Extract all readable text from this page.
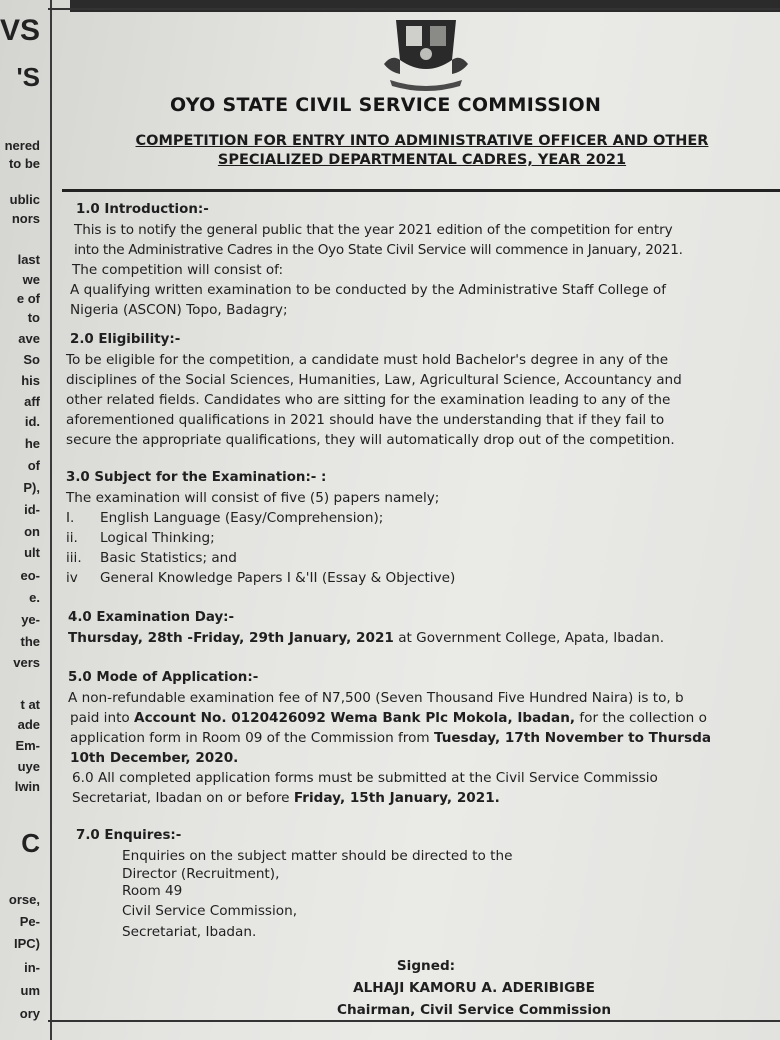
VS
'S
nered
to be
ublic
nors
last
we
e of
to
ave
So
his
aff
id.
he
of
P),
id-
on
ult
eo-
e.
ye-
the
vers
t at
ade
Em-
uye
lwin
C
orse,
Pe-
IPC)
in-
um
ory
OYO STATE CIVIL SERVICE COMMISSION
COMPETITION FOR ENTRY INTO ADMINISTRATIVE OFFICER AND OTHER
SPECIALIZED DEPARTMENTAL CADRES, YEAR 2021
1.0 Introduction:-
This is to notify the general public that the year 2021 edition of the competition for entry
into the Administrative Cadres in the Oyo State Civil Service will commence in January, 2021.
The competition will consist of:
A qualifying written examination to be conducted by the Administrative Staff College of
Nigeria (ASCON) Topo, Badagry;
2.0 Eligibility:-
To be eligible for the competition, a candidate must hold Bachelor's degree in any of the
disciplines of the Social Sciences, Humanities, Law, Agricultural Science, Accountancy and
other related fields. Candidates who are sitting for the examination leading to any of the
aforementioned qualifications in 2021 should have the understanding that if they fail to
secure the appropriate qualifications, they will automatically drop out of the competition.
3.0 Subject for the Examination:- :
The examination will consist of five (5) papers namely;
I. English Language (Easy/Comprehension);
ii. Logical Thinking;
iii. Basic Statistics; and
iv General Knowledge Papers I &'II (Essay & Objective)
4.0 Examination Day:-
Thursday, 28th -Friday, 29th January, 2021 at Government College, Apata, Ibadan.
5.0 Mode of Application:-
A non-refundable examination fee of N7,500 (Seven Thousand Five Hundred Naira) is to, b
paid into Account No. 0120426092 Wema Bank Plc Mokola, Ibadan, for the collection o
application form in Room 09 of the Commission from Tuesday, 17th November to Thursda
10th December, 2020.
6.0 All completed application forms must be submitted at the Civil Service Commissio
Secretariat, Ibadan on or before Friday, 15th January, 2021.
7.0 Enquires:-
Enquiries on the subject matter should be directed to the
Director (Recruitment),
Room 49
Civil Service Commission,
Secretariat, Ibadan.
Signed:
ALHAJI KAMORU A. ADERIBIGBE
Chairman, Civil Service Commission
